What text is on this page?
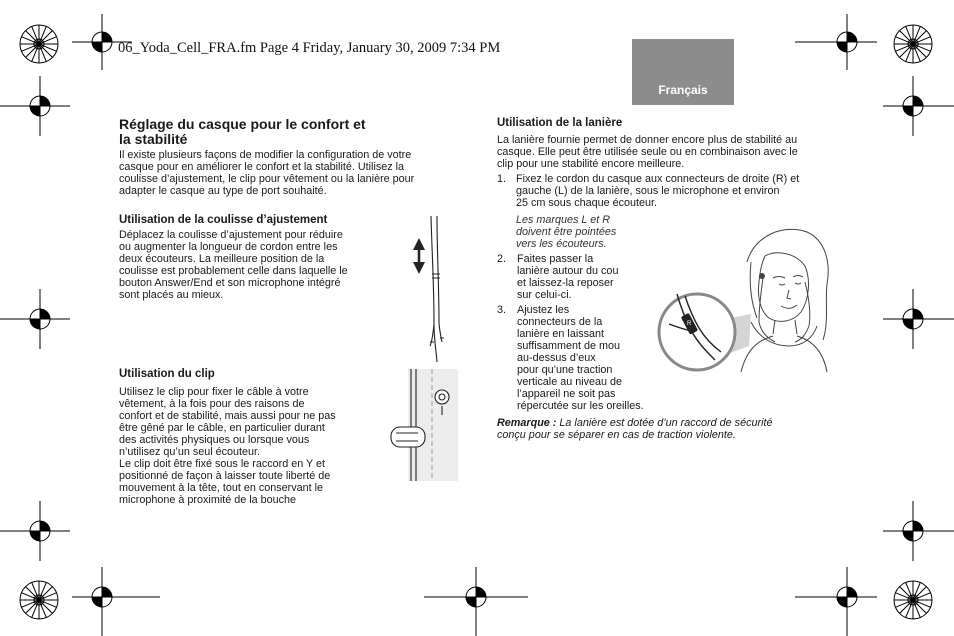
06_Yoda_Cell_FRA.fm Page 4 Friday, January 30, 2009 7:34 PM
Français
Réglage du casque pour le confort et
la stabilité
Il existe plusieurs façons de modifier la configuration de votre
casque pour en améliorer le confort et la stabilité. Utilisez la
coulisse d’ajustement, le clip pour vêtement ou la lanière pour
adapter le casque au type de port souhaité.
Utilisation de la coulisse d’ajustement
Déplacez la coulisse d’ajustement pour réduire
ou augmenter la longueur de cordon entre les
deux écouteurs. La meilleure position de la
coulisse est probablement celle dans laquelle le
bouton Answer/End et son microphone intégré
sont placés au mieux.
Utilisation du clip
Utilisez le clip pour fixer le câble à votre
vêtement, à la fois pour des raisons de
confort et de stabilité, mais aussi pour ne pas
être gêné par le câble, en particulier durant
des activités physiques ou lorsque vous
n’utilisez qu’un seul écouteur.
Le clip doit être fixé sous le raccord en Y et
positionné de façon à laisser toute liberté de
mouvement à la tête, tout en conservant le
microphone à proximité de la bouche
Utilisation de la lanière
La lanière fournie permet de donner encore plus de stabilité au
casque. Elle peut être utilisée seule ou en combinaison avec le
clip pour une stabilité encore meilleure.
1. Fixez le cordon du casque aux connecteurs de droite (R) et
gauche (L) de la lanière, sous le microphone et environ
25 cm sous chaque écouteur.
Les marques L et R
doivent être pointées
vers les écouteurs.
2. Faites passer la
lanière autour du cou
et laissez-la reposer
sur celui-ci.
3. Ajustez les
connecteurs de la
lanière en laissant
suffisamment de mou
au-dessus d’eux
pour qu’une traction
verticale au niveau de
l’appareil ne soit pas
répercutée sur les oreilles.
R
Remarque : La lanière est dotée d’un raccord de sécurité
conçu pour se séparer en cas de traction violente.
